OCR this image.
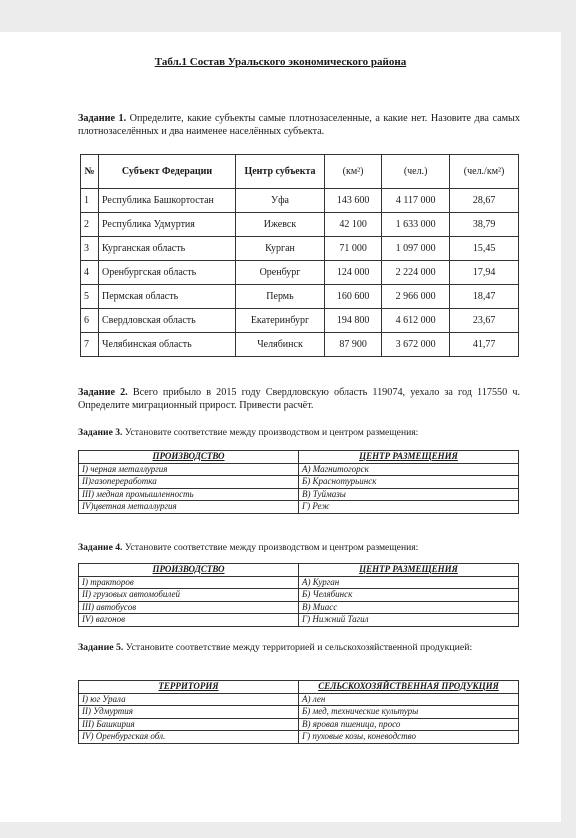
Табл.1 Состав Уральского экономического района
Задание 1. Определите, какие субъекты самые плотнозаселенные, а какие нет. Назовите два самых плотнозаселённых и два наименее населённых субъекта.
№	Субъект Федерации	Центр субъекта	(км²)	(чел.)	(чел./км²)
1	Республика Башкортостан	Уфа	143 600	4 117 000	28,67
2	Республика Удмуртия	Ижевск	42 100	1 633 000	38,79
3	Курганская область	Курган	71 000	1 097 000	15,45
4	Оренбургская область	Оренбург	124 000	2 224 000	17,94
5	Пермская область	Пермь	160 600	2 966 000	18,47
6	Свердловская область	Екатеринбург	194 800	4 612 000	23,67
7	Челябинская область	Челябинск	87 900	3 672 000	41,77
Задание 2. Всего прибыло в 2015 году Свердловскую область 119074, уехало за год 117550 ч. Определите миграционный прирост. Привести расчёт.
Задание 3. Установите соответствие между производством и центром размещения:
ПРОИЗВОДСТВО	ЦЕНТР РАЗМЕЩЕНИЯ
I) черная металлургия	А) Магнитогорск
II)газопереработка	Б) Краснотурьинск
III) медная промышленность	В) Туймазы
IV)цветная металлургия	Г) Реж
Задание 4. Установите соответствие между производством и центром размещения:
ПРОИЗВОДСТВО	ЦЕНТР РАЗМЕЩЕНИЯ
I) тракторов	А) Курган
II) грузовых автомобилей	Б) Челябинск
III) автобусов	В) Миасс
IV) вагонов	Г) Нижний Тагил
Задание 5. Установите соответствие между территорией и сельскохозяйственной продукцией:
ТЕРРИТОРИЯ	СЕЛЬСКОХОЗЯЙСТВЕННАЯ ПРОДУКЦИЯ
I) юг Урала	А) лен
II) Удмуртия	Б) мед, технические культуры
III) Башкирия	В) яровая пшеница, просо
IV) Оренбургская обл.	Г) пуховые козы, коневодство
